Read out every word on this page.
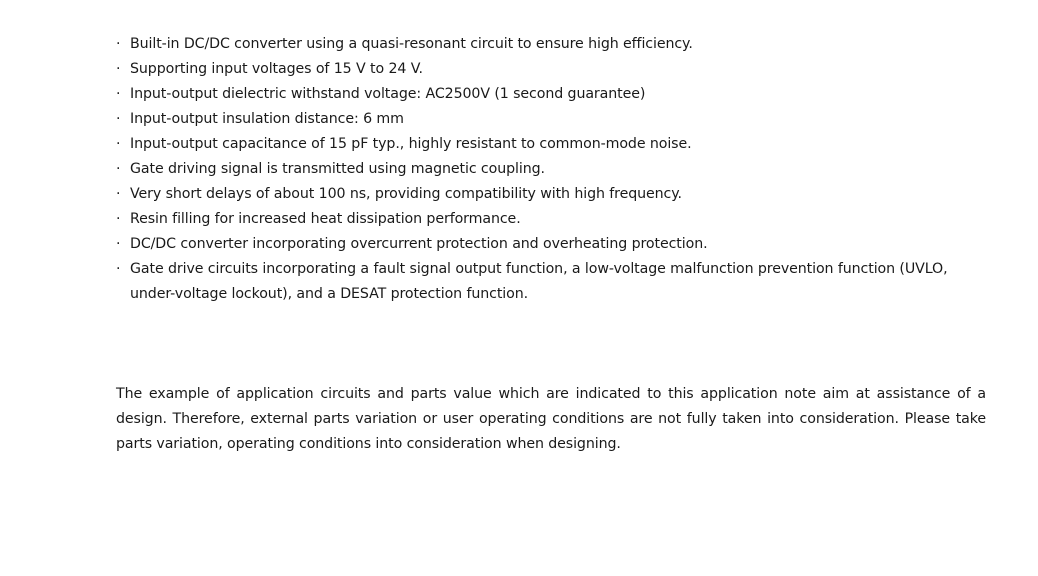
· Built-in DC/DC converter using a quasi-resonant circuit to ensure high efficiency.
· Supporting input voltages of 15 V to 24 V.
· Input-output dielectric withstand voltage: AC2500V (1 second guarantee)
· Input-output insulation distance: 6 mm
· Input-output capacitance of 15 pF typ., highly resistant to common-mode noise.
· Gate driving signal is transmitted using magnetic coupling.
· Very short delays of about 100 ns, providing compatibility with high frequency.
· Resin filling for increased heat dissipation performance.
· DC/DC converter incorporating overcurrent protection and overheating protection.
· Gate drive circuits incorporating a fault signal output function, a low-voltage malfunction prevention function (UVLO, under-voltage lockout), and a DESAT protection function.

The example of application circuits and parts value which are indicated to this application note aim at assistance of a design. Therefore, external parts variation or user operating conditions are not fully taken into consideration. Please take parts variation, operating conditions into consideration when designing.
